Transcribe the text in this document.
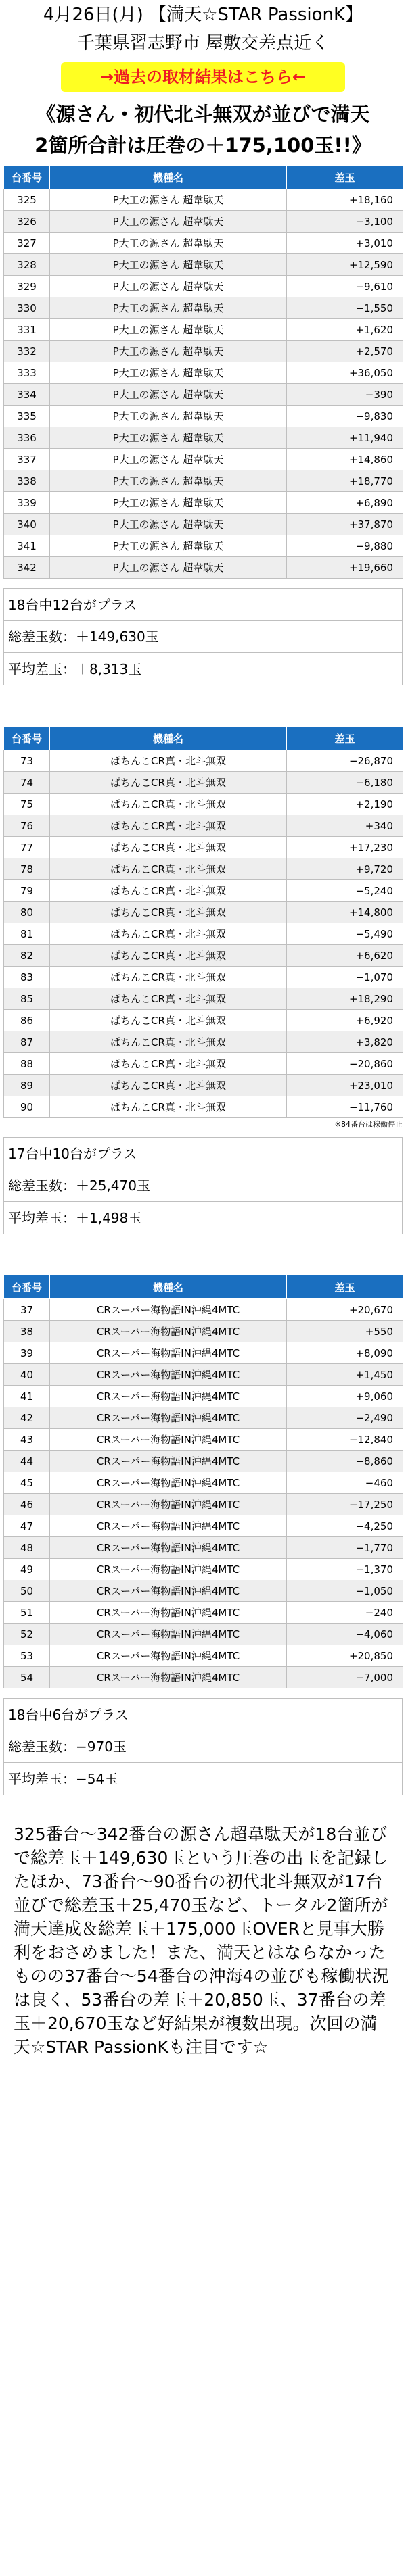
4月26日(月) 【満天☆STAR PassionK】
千葉県習志野市 屋敷交差点近く
→過去の取材結果はこちら←
《源さん・初代北斗無双が並びで満天
2箇所合計は圧巻の＋175,100玉!!》
台番号	機種名	差玉
325	P大工の源さん 超韋駄天	+18,160
326	P大工の源さん 超韋駄天	−3,100
327	P大工の源さん 超韋駄天	+3,010
328	P大工の源さん 超韋駄天	+12,590
329	P大工の源さん 超韋駄天	−9,610
330	P大工の源さん 超韋駄天	−1,550
331	P大工の源さん 超韋駄天	+1,620
332	P大工の源さん 超韋駄天	+2,570
333	P大工の源さん 超韋駄天	+36,050
334	P大工の源さん 超韋駄天	−390
335	P大工の源さん 超韋駄天	−9,830
336	P大工の源さん 超韋駄天	+11,940
337	P大工の源さん 超韋駄天	+14,860
338	P大工の源さん 超韋駄天	+18,770
339	P大工の源さん 超韋駄天	+6,890
340	P大工の源さん 超韋駄天	+37,870
341	P大工の源さん 超韋駄天	−9,880
342	P大工の源さん 超韋駄天	+19,660
18台中12台がプラス
総差玉数：＋149,630玉
平均差玉：＋8,313玉
台番号	機種名	差玉
73	ぱちんこCR真・北斗無双	−26,870
74	ぱちんこCR真・北斗無双	−6,180
75	ぱちんこCR真・北斗無双	+2,190
76	ぱちんこCR真・北斗無双	+340
77	ぱちんこCR真・北斗無双	+17,230
78	ぱちんこCR真・北斗無双	+9,720
79	ぱちんこCR真・北斗無双	−5,240
80	ぱちんこCR真・北斗無双	+14,800
81	ぱちんこCR真・北斗無双	−5,490
82	ぱちんこCR真・北斗無双	+6,620
83	ぱちんこCR真・北斗無双	−1,070
85	ぱちんこCR真・北斗無双	+18,290
86	ぱちんこCR真・北斗無双	+6,920
87	ぱちんこCR真・北斗無双	+3,820
88	ぱちんこCR真・北斗無双	−20,860
89	ぱちんこCR真・北斗無双	+23,010
90	ぱちんこCR真・北斗無双	−11,760
※84番台は稼働停止
17台中10台がプラス
総差玉数：＋25,470玉
平均差玉：＋1,498玉
台番号	機種名	差玉
37	CRスーパー海物語IN沖縄4MTC	+20,670
38	CRスーパー海物語IN沖縄4MTC	+550
39	CRスーパー海物語IN沖縄4MTC	+8,090
40	CRスーパー海物語IN沖縄4MTC	+1,450
41	CRスーパー海物語IN沖縄4MTC	+9,060
42	CRスーパー海物語IN沖縄4MTC	−2,490
43	CRスーパー海物語IN沖縄4MTC	−12,840
44	CRスーパー海物語IN沖縄4MTC	−8,860
45	CRスーパー海物語IN沖縄4MTC	−460
46	CRスーパー海物語IN沖縄4MTC	−17,250
47	CRスーパー海物語IN沖縄4MTC	−4,250
48	CRスーパー海物語IN沖縄4MTC	−1,770
49	CRスーパー海物語IN沖縄4MTC	−1,370
50	CRスーパー海物語IN沖縄4MTC	−1,050
51	CRスーパー海物語IN沖縄4MTC	−240
52	CRスーパー海物語IN沖縄4MTC	−4,060
53	CRスーパー海物語IN沖縄4MTC	+20,850
54	CRスーパー海物語IN沖縄4MTC	−7,000
18台中6台がプラス
総差玉数：−970玉
平均差玉：−54玉
325番台〜342番台の源さん超韋駄天が18台並びで総差玉＋149,630玉という圧巻の出玉を記録したほか、73番台〜90番台の初代北斗無双が17台並びで総差玉＋25,470玉など、トータル2箇所が満天達成＆総差玉＋175,000玉OVERと見事大勝利をおさめました！また、満天とはならなかったものの37番台〜54番台の沖海4の並びも稼働状況は良く、53番台の差玉＋20,850玉、37番台の差玉＋20,670玉など好結果が複数出現。次回の満天☆STAR PassionKも注目です☆
